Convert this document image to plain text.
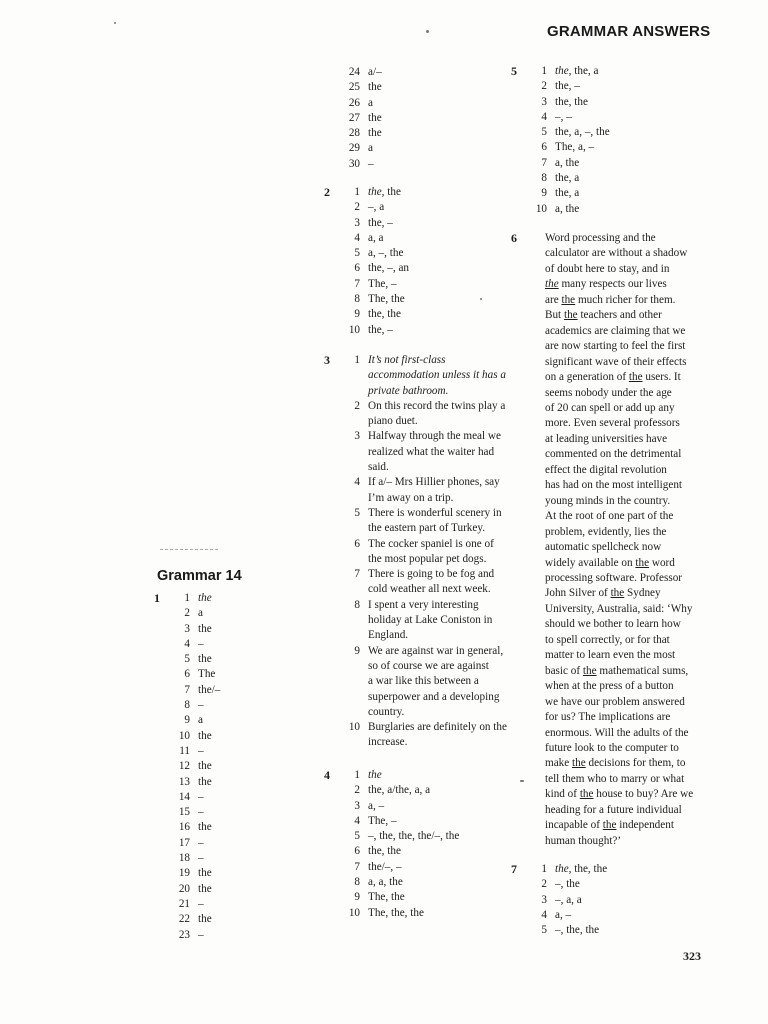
GRAMMAR ANSWERS
Grammar 14
1	1 the
2 a
3 the
4 –
5 the
6 The
7 the/–
8 –
9 a
10 the
11 –
12 the
13 the
14 –
15 –
16 the
17 –
18 –
19 the
20 the
21 –
22 the
23 –
24 a/–
25 the
26 a
27 the
28 the
29 a
30 –
2	1 the, the
2 –, a
3 the, –
4 a, a
5 a, –, the
6 the, –, an
7 The, –
8 The, the
9 the, the
10 the, –
3	1 It’s not first-class
accommodation unless it has a
private bathroom.
2 On this record the twins play a
piano duet.
3 Halfway through the meal we
realized what the waiter had
said.
4 If a/– Mrs Hillier phones, say
I’m away on a trip.
5 There is wonderful scenery in
the eastern part of Turkey.
6 The cocker spaniel is one of
the most popular pet dogs.
7 There is going to be fog and
cold weather all next week.
8 I spent a very interesting
holiday at Lake Coniston in
England.
9 We are against war in general,
so of course we are against
a war like this between a
superpower and a developing
country.
10 Burglaries are definitely on the
increase.
4	1 the
2 the, a/the, a, a
3 a, –
4 The, –
5 –, the, the, the/–, the
6 the, the
7 the/–, –
8 a, a, the
9 The, the
10 The, the, the
5	1 the, the, a
2 the, –
3 the, the
4 –, –
5 the, a, –, the
6 The, a, –
7 a, the
8 the, a
9 the, a
10 a, the
6	Word processing and the
calculator are without a shadow
of doubt here to stay, and in
the many respects our lives
are the much richer for them.
But the teachers and other
academics are claiming that we
are now starting to feel the first
significant wave of their effects
on a generation of the users. It
seems nobody under the age
of 20 can spell or add up any
more. Even several professors
at leading universities have
commented on the detrimental
effect the digital revolution
has had on the most intelligent
young minds in the country.
At the root of one part of the
problem, evidently, lies the
automatic spellcheck now
widely available on the word
processing software. Professor
John Silver of the Sydney
University, Australia, said: ‘Why
should we bother to learn how
to spell correctly, or for that
matter to learn even the most
basic of the mathematical sums,
when at the press of a button
we have our problem answered
for us? The implications are
enormous. Will the adults of the
future look to the computer to
make the decisions for them, to
tell them who to marry or what
kind of the house to buy? Are we
heading for a future individual
incapable of the independent
human thought?’
7	1 the, the, the
2 –, the
3 –, a, a
4 a, –
5 –, the, the
323
